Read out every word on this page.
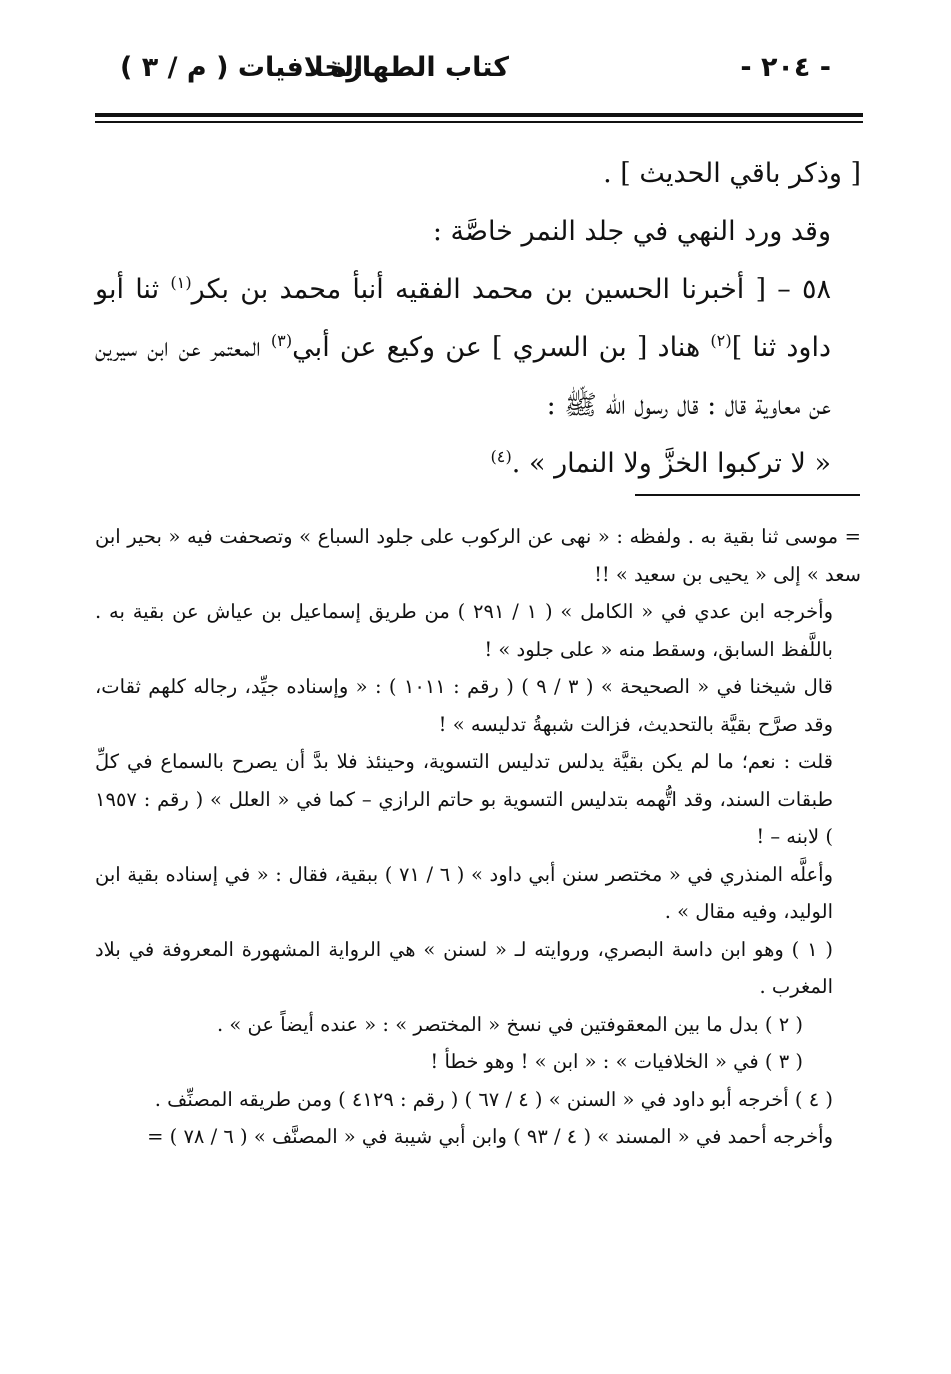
- ٢٠٤ -
كتاب الطهارة
الخلافيات ( م / ٣ )

[ وذكر باقي الحديث ] .

وقد ورد النهي في جلد النمر خاصَّة :

٥٨ – [ أخبرنا الحسين بن محمد الفقيه أنبأ محمد بن بكر$^{(١)}$ ثنا أبو داود ثنا ]$^{(٢)}$ هناد [ بن السري ] عن وكيع عن أبي$^{(٣)}$ المعتمر عن ابن سيرين عن معاوية قال : قال رسول الله ﷺ :

« لا تركبوا الخزَّ ولا النمار » .$^{(٤)}$

= موسى ثنا بقية به . ولفظه : « نهى عن الركوب على جلود السباع » وتصحفت فيه « بحير ابن سعد » إلى « يحيى بن سعيد » !!

وأخرجه ابن عدي في « الكامل » ( ١ / ٢٩١ ) من طريق إسماعيل بن عياش عن بقية به . باللَّفظ السابق، وسقط منه « على جلود » !

قال شيخنا في « الصحيحة » ( ٣ / ٩ ) ( رقم : ١٠١١ ) : « وإسناده جيِّد، رجاله كلهم ثقات، وقد صرَّح بقيَّة بالتحديث، فزالت شبهةُ تدليسه » !

قلت : نعم؛ ما لم يكن بقيَّة يدلس تدليس التسوية، وحينئذ فلا بدَّ أن يصرح بالسماع في كلِّ طبقات السند، وقد اتُّهمه بتدليس التسوية بو حاتم الرازي – كما في « العلل » ( رقم : ١٩٥٧ ) لابنه – !

وأعلَّه المنذري في « مختصر سنن أبي داود » ( ٦ / ٧١ ) ببقية، فقال : « في إسناده بقية ابن الوليد، وفيه مقال » .

( ١ ) وهو ابن داسة البصري، وروايته لـ « لسنن » هي الرواية المشهورة المعروفة في بلاد المغرب .

( ٢ ) بدل ما بين المعقوفتين في نسخ « المختصر » : « عنده أيضاً عن » .

( ٣ ) في « الخلافيات » : « ابن » ! وهو خطأ !

( ٤ ) أخرجه أبو داود في « السنن » ( ٤ / ٦٧ ) ( رقم : ٤١٢٩ ) ومن طريقه المصنِّف .

وأخرجه أحمد في « المسند » ( ٤ / ٩٣ ) وابن أبي شيبة في « المصنَّف » ( ٦ / ٧٨ ) =
